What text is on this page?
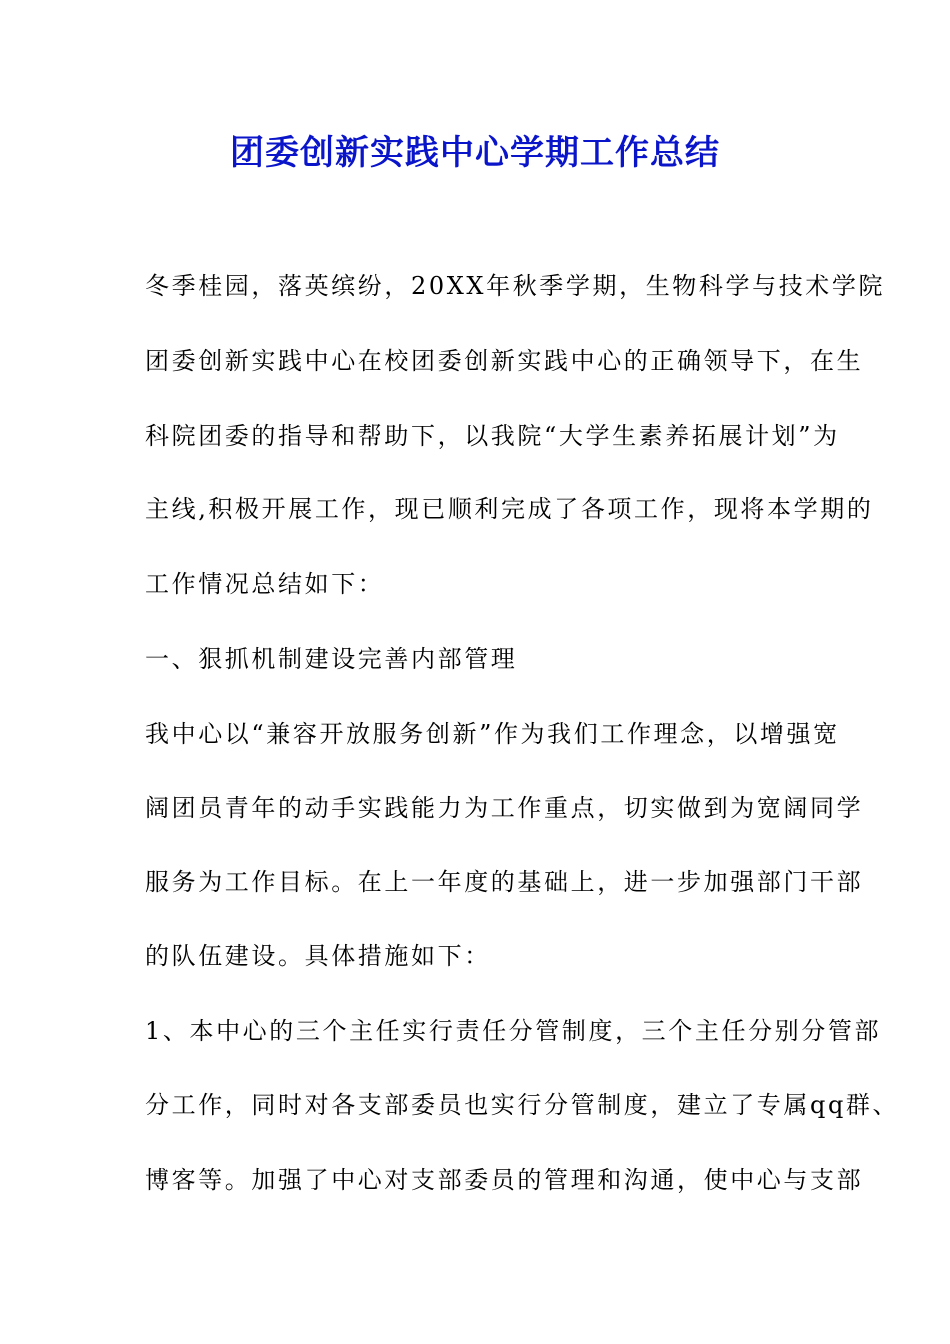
团委创新实践中心学期工作总结
冬季桂园，落英缤纷，20XX年秋季学期，生物科学与技术学院
团委创新实践中心在校团委创新实践中心的正确领导下，在生
科院团委的指导和帮助下，以我院“大学生素养拓展计划”为
主线,积极开展工作，现已顺利完成了各项工作，现将本学期的
工作情况总结如下：
一、狠抓机制建设完善内部管理
我中心以“兼容开放服务创新”作为我们工作理念，以增强宽
阔团员青年的动手实践能力为工作重点，切实做到为宽阔同学
服务为工作目标。在上一年度的基础上，进一步加强部门干部
的队伍建设。具体措施如下：
1、本中心的三个主任实行责任分管制度，三个主任分别分管部
分工作，同时对各支部委员也实行分管制度，建立了专属qq群、
博客等。加强了中心对支部委员的管理和沟通，使中心与支部
